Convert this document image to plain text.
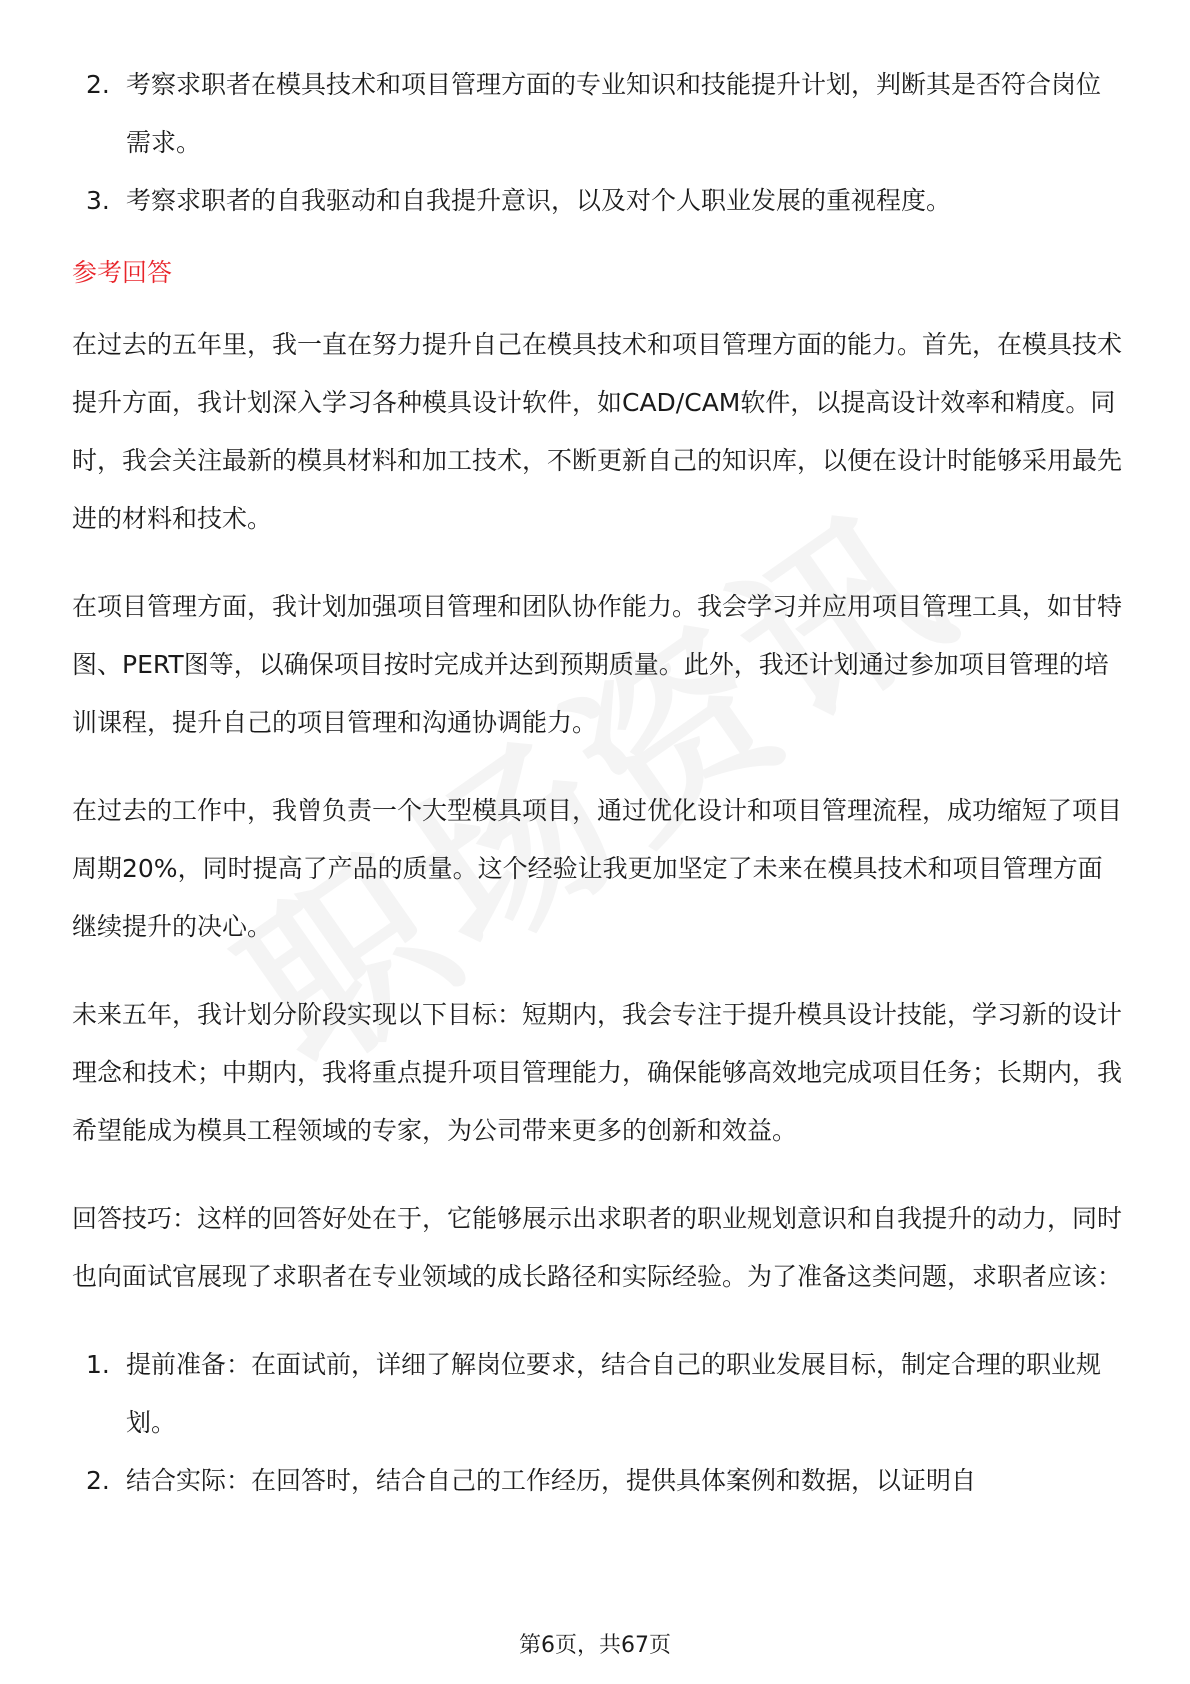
2. 考察求职者在模具技术和项目管理方面的专业知识和技能提升计划，判断其是否符合岗位需求。
3. 考察求职者的自我驱动和自我提升意识，以及对个人职业发展的重视程度。
参考回答

在过去的五年里，我一直在努力提升自己在模具技术和项目管理方面的能力。首先，在模具技术提升方面，我计划深入学习各种模具设计软件，如CAD/CAM软件，以提高设计效率和精度。同时，我会关注最新的模具材料和加工技术，不断更新自己的知识库，以便在设计时能够采用最先进的材料和技术。

在项目管理方面，我计划加强项目管理和团队协作能力。我会学习并应用项目管理工具，如甘特图、PERT图等，以确保项目按时完成并达到预期质量。此外，我还计划通过参加项目管理的培训课程，提升自己的项目管理和沟通协调能力。

在过去的工作中，我曾负责一个大型模具项目，通过优化设计和项目管理流程，成功缩短了项目周期20%，同时提高了产品的质量。这个经验让我更加坚定了未来在模具技术和项目管理方面继续提升的决心。

未来五年，我计划分阶段实现以下目标：短期内，我会专注于提升模具设计技能，学习新的设计理念和技术；中期内，我将重点提升项目管理能力，确保能够高效地完成项目任务；长期内，我希望能成为模具工程领域的专家，为公司带来更多的创新和效益。

回答技巧：这样的回答好处在于，它能够展示出求职者的职业规划意识和自我提升的动力，同时也向面试官展现了求职者在专业领域的成长路径和实际经验。为了准备这类问题，求职者应该：

1. 提前准备：在面试前，详细了解岗位要求，结合自己的职业发展目标，制定合理的职业规划。
2. 结合实际：在回答时，结合自己的工作经历，提供具体案例和数据，以证明自
第6页，共67页
